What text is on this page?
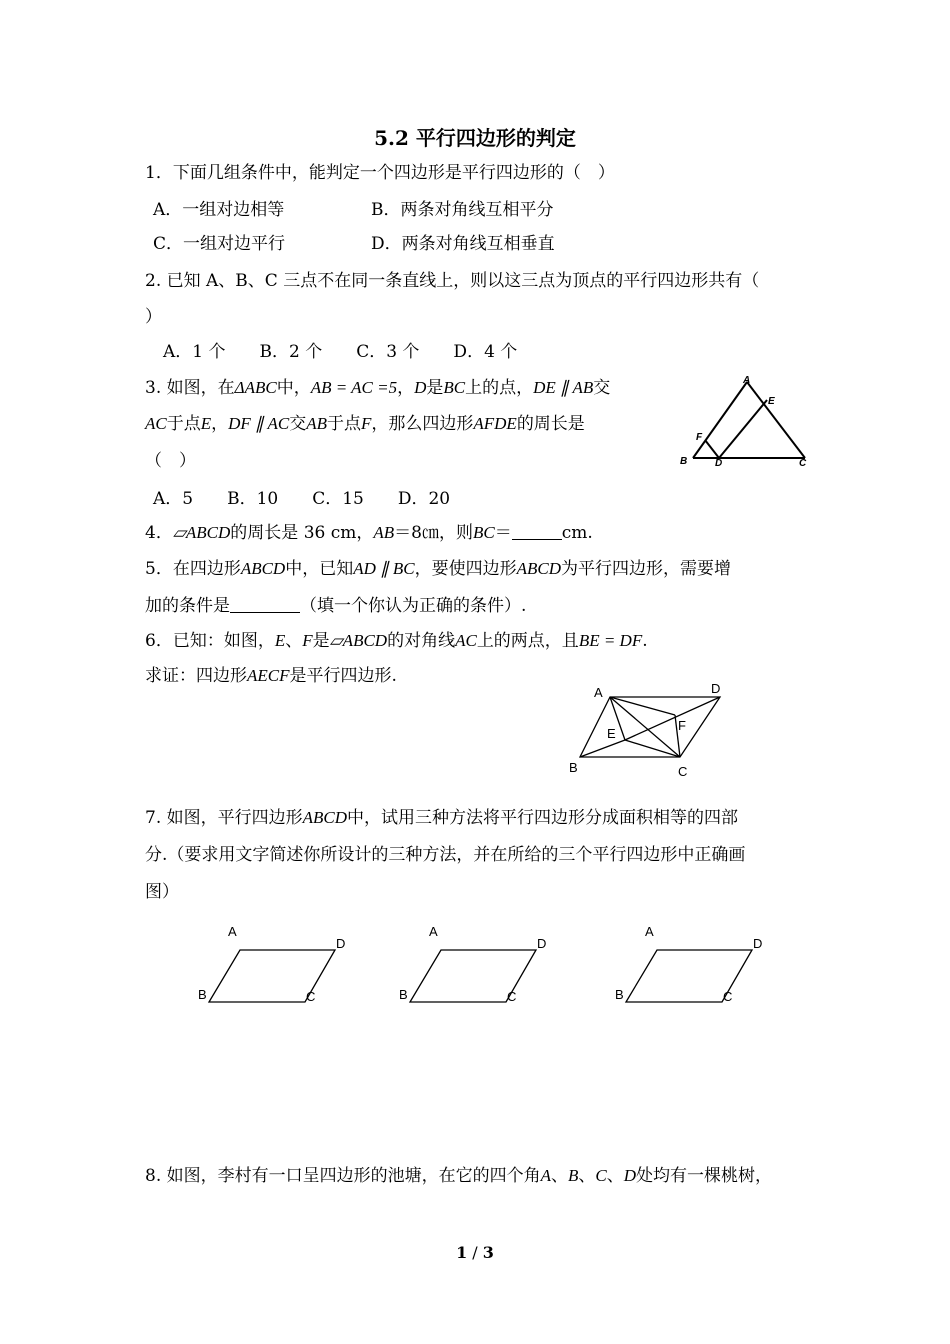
5.2 平行四边形的判定
1．下面几组条件中，能判定一个四边形是平行四边形的（　）
A．一组对边相等	B．两条对角线互相平分
C．一组对边平行	D．两条对角线互相垂直
2. 已知 A、B、C 三点不在同一条直线上，则以这三点为顶点的平行四边形共有（
）
A．1 个　　B．2 个　　C．3 个　　D．4 个
3. 如图，在ΔABC中，AB = AC =5，D是BC上的点，DE ∥ AB交
AC于点E，DF ∥ AC交AB于点F，那么四边形AFDE的周长是
（　）
A．5　　B．10　　C．15　　D．20
A
E
F
B	D	C
4．▱ABCD的周长是 36 cm，AB＝8㎝，则BC＝	cm.
5．在四边形ABCD中，已知AD ∥ BC，要使四边形ABCD为平行四边形，需要增
加的条件是	（填一个你认为正确的条件）.
6．已知：如图，E、F是▱ABCD的对角线AC上的两点，且BE = DF.
求证：四边形AECF是平行四边形.
A	D
F
E
B	C
7. 如图，平行四边形ABCD中，试用三种方法将平行四边形分成面积相等的四部
分.（要求用文字简述你所设计的三种方法，并在所给的三个平行四边形中正确画
图）
A
D
B	C
A
D
B	C
A
D
B	C
8. 如图，李村有一口呈四边形的池塘，在它的四个角A、B、C、D处均有一棵桃树，
1 / 3
